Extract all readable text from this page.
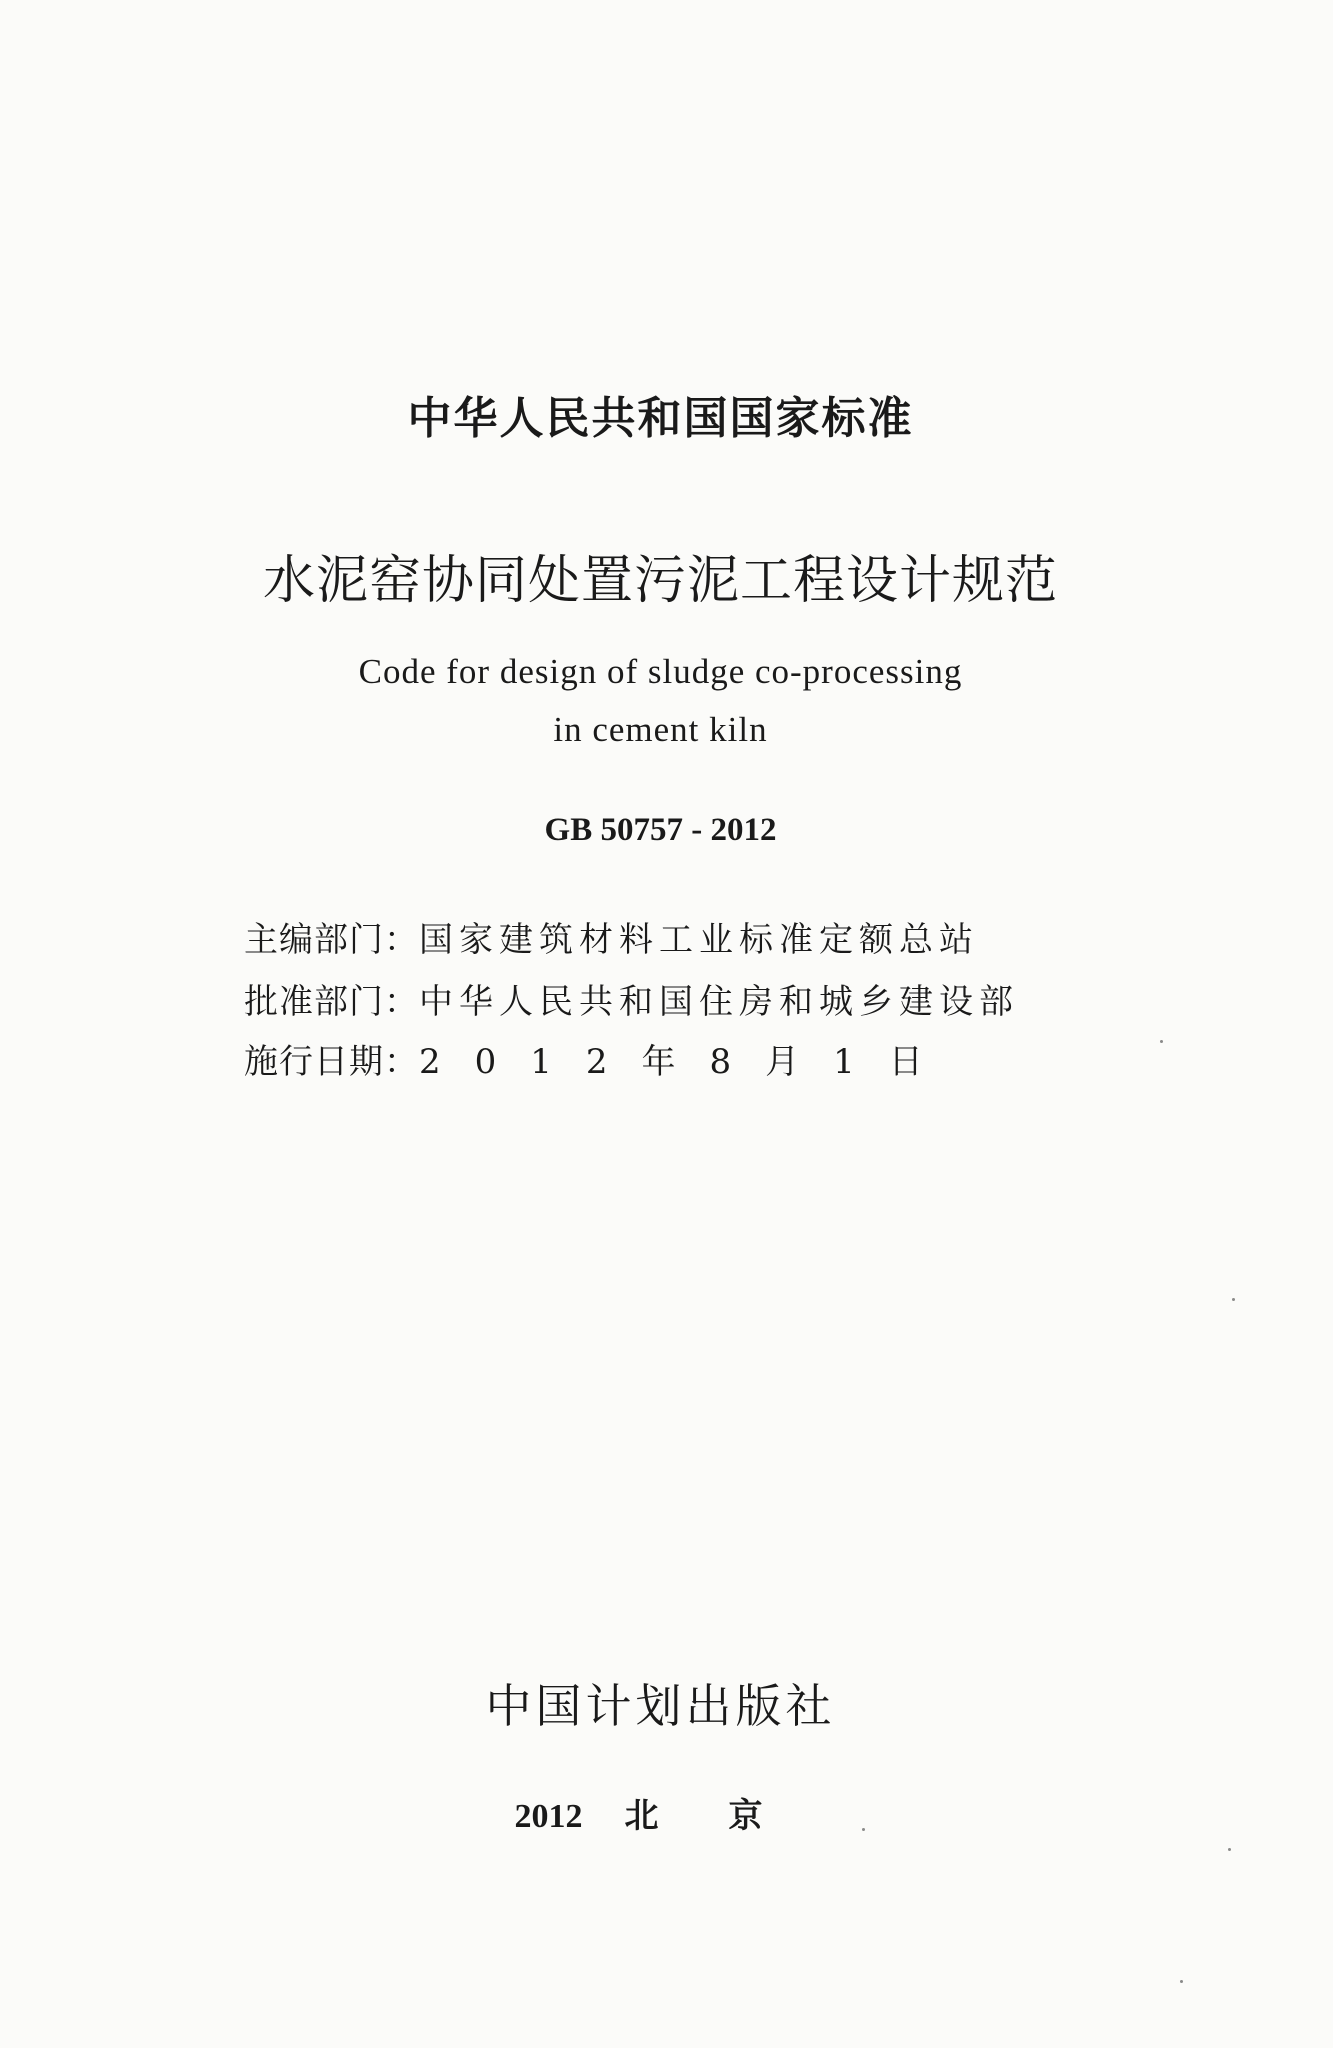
中华人民共和国国家标准
水泥窑协同处置污泥工程设计规范
Code for design of sludge co-processing
in cement kiln
GB 50757 - 2012
主编部门：国家建筑材料工业标准定额总站
批准部门：中华人民共和国住房和城乡建设部
施行日期：2012年8月1日
中国计划出版社
2012 北 京
